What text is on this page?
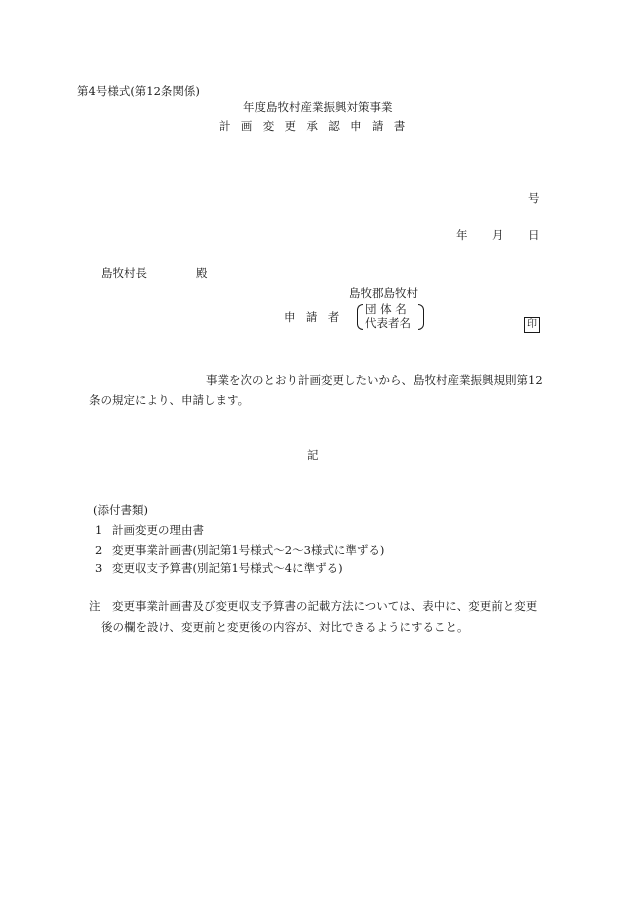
第4号様式(第12条関係)
年度島牧村産業振興対策事業
計画変更承認申請書
号
年 月 日
島牧村長	殿
島牧郡島牧村
申請者
団 体 名
代表者名	印
事業を次のとおり計画変更したいから、島牧村産業振興規則第12
条の規定により、申請します。
記
(添付書類)
1 計画変更の理由書
2 変更事業計画書(別記第1号様式～2～3様式に準ずる)
3 変更収支予算書(別記第1号様式～4に準ずる)
注 変更事業計画書及び変更収支予算書の記載方法については、表中に、変更前と変更
後の欄を設け、変更前と変更後の内容が、対比できるようにすること。
